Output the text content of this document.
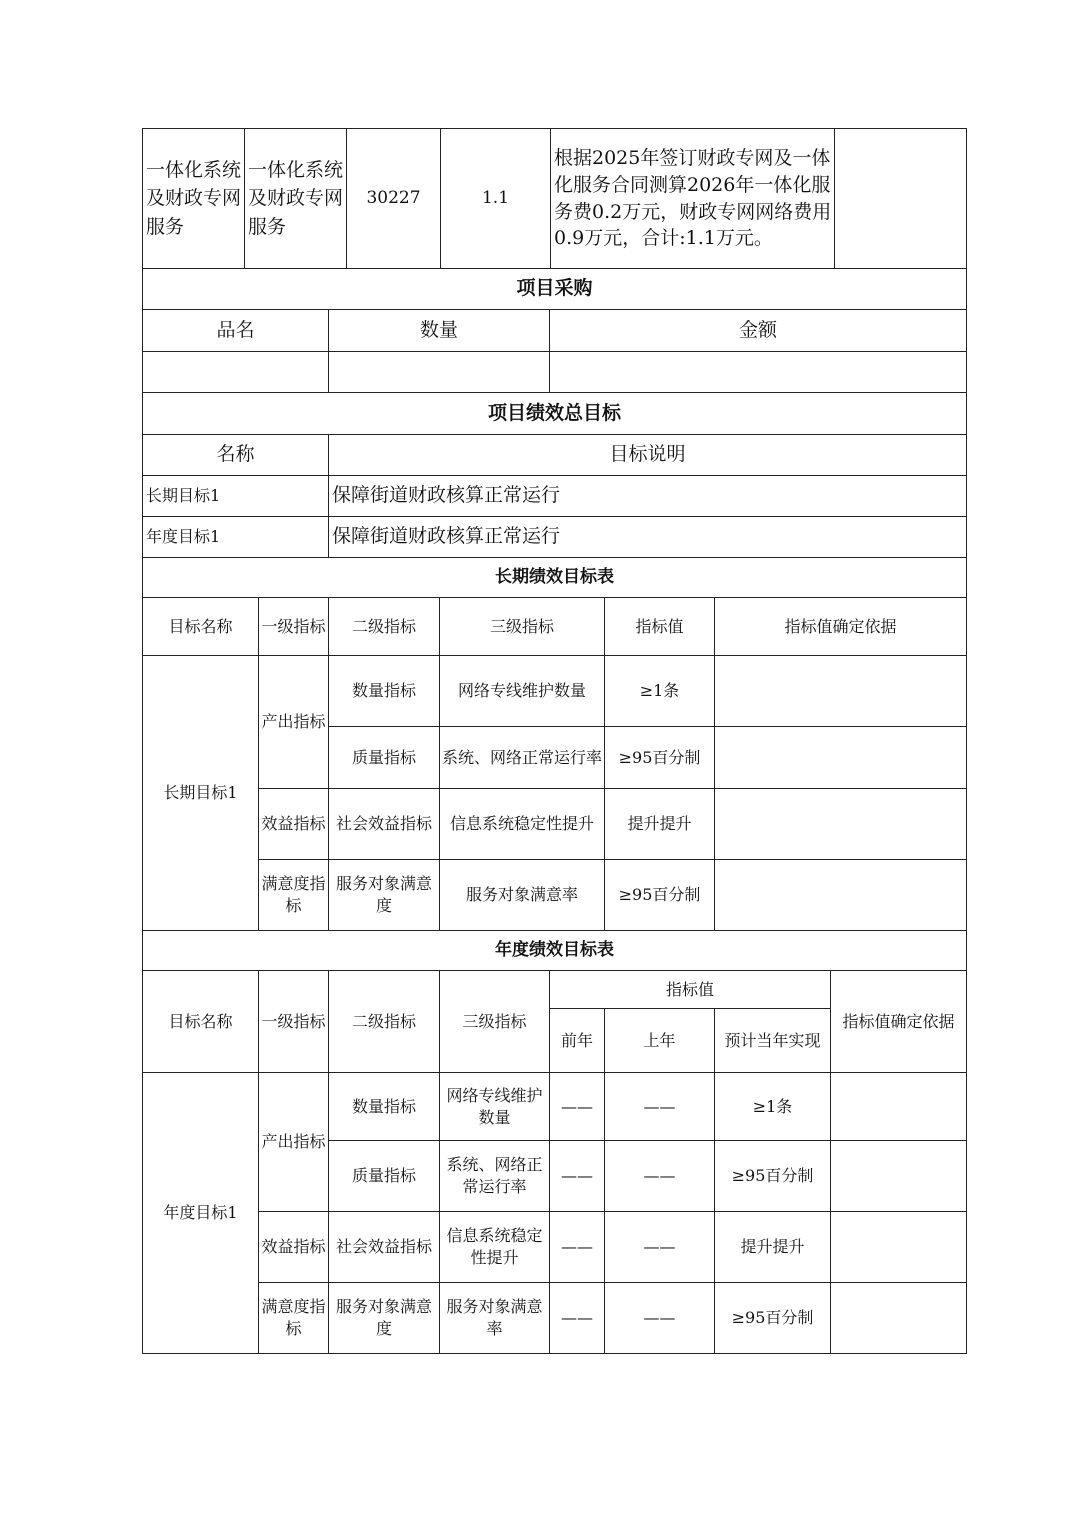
一体化系统及财政专网服务	一体化系统及财政专网服务	30227	1.1	根据2025年签订财政专网及一体化服务合同测算2026年一体化服务费0.2万元，财政专网网络费用0.9万元，合计:1.1万元。	
项目采购		
品名	数量	金额

项目绩效总目标		
名称	目标说明	
长期目标1	保障街道财政核算正常运行	
年度目标1	保障街道财政核算正常运行	
长期绩效目标表					
目标名称	一级指标	二级指标	三级指标	指标值	指标值确定依据
长期目标1	产出指标	数量指标	网络专线维护数量	≥1条	
		质量指标	系统、网络正常运行率	≥95百分制	
	效益指标	社会效益指标	信息系统稳定性提升	提升提升	
	满意度指标	服务对象满意度	服务对象满意率	≥95百分制	
年度绩效目标表							
目标名称	一级指标	二级指标	三级指标	指标值			指标值确定依据
				前年	上年	预计当年实现	
年度目标1	产出指标	数量指标	网络专线维护数量	——	——	≥1条	
		质量指标	系统、网络正常运行率	——	——	≥95百分制	
	效益指标	社会效益指标	信息系统稳定性提升	——	——	提升提升	
	满意度指标	服务对象满意度	服务对象满意率	——	——	≥95百分制	
